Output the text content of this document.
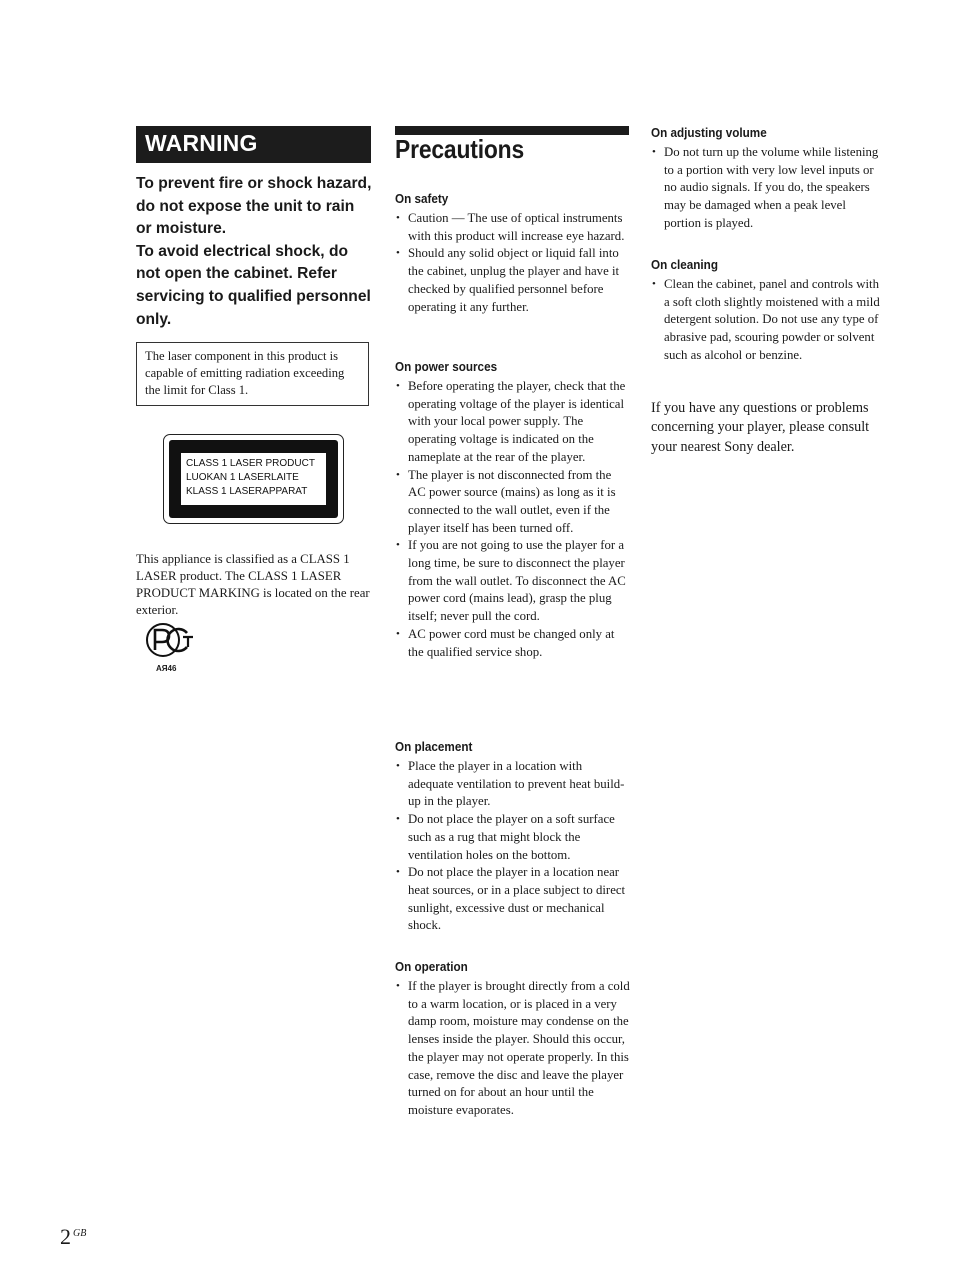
WARNING

To prevent fire or shock hazard, do not expose the unit to rain or moisture.

To avoid electrical shock, do not open the cabinet. Refer servicing to qualified personnel only.

The laser component in this product is capable of emitting radiation exceeding the limit for Class 1.
CLASS 1 LASER PRODUCT
LUOKAN 1 LASERLAITE
KLASS 1 LASERAPPARAT
This appliance is classified as a CLASS 1 LASER product. The CLASS 1 LASER PRODUCT MARKING is located on the rear exterior.
AЯ46
Precautions
On safety
• Caution — The use of optical instruments with this product will increase eye hazard.
• Should any solid object or liquid fall into the cabinet, unplug the player and have it checked by qualified personnel before operating it any further.
On power sources
• Before operating the player, check that the operating voltage of the player is identical with your local power supply. The operating voltage is indicated on the nameplate at the rear of the player.
• The player is not disconnected from the AC power source (mains) as long as it is connected to the wall outlet, even if the player itself has been turned off.
• If you are not going to use the player for a long time, be sure to disconnect the player from the wall outlet. To disconnect the AC power cord (mains lead), grasp the plug itself; never pull the cord.
• AC power cord must be changed only at the qualified service shop.
On placement
• Place the player in a location with adequate ventilation to prevent heat build-up in the player.
• Do not place the player on a soft surface such as a rug that might block the ventilation holes on the bottom.
• Do not place the player in a location near heat sources, or in a place subject to direct sunlight, excessive dust or mechanical shock.
On operation
• If the player is brought directly from a cold to a warm location, or is placed in a very damp room, moisture may condense on the lenses inside the player. Should this occur, the player may not operate properly. In this case, remove the disc and leave the player turned on for about an hour until the moisture evaporates.
On adjusting volume
• Do not turn up the volume while listening to a portion with very low level inputs or no audio signals. If you do, the speakers may be damaged when a peak level portion is played.
On cleaning
• Clean the cabinet, panel and controls with a soft cloth slightly moistened with a mild detergent solution. Do not use any type of abrasive pad, scouring powder or solvent such as alcohol or benzine.
If you have any questions or problems concerning your player, please consult your nearest Sony dealer.
2 GB
